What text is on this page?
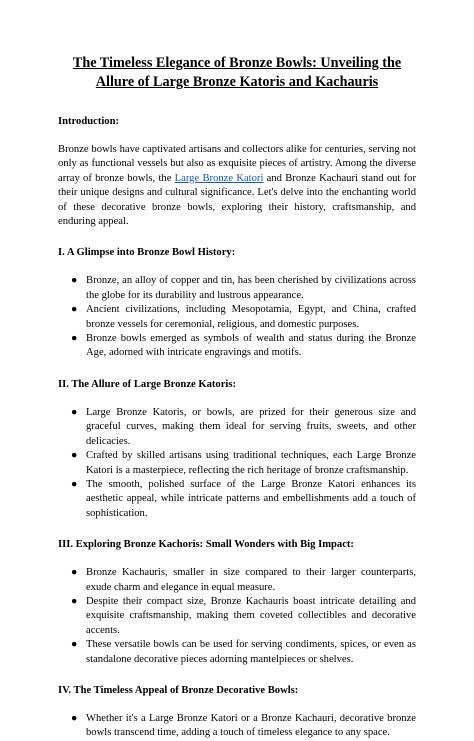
The Timeless Elegance of Bronze Bowls: Unveiling the Allure of Large Bronze Katoris and Kachauris
Introduction:

Bronze bowls have captivated artisans and collectors alike for centuries, serving not only as functional vessels but also as exquisite pieces of artistry. Among the diverse array of bronze bowls, the Large Bronze Katori and Bronze Kachauri stand out for their unique designs and cultural significance. Let's delve into the enchanting world of these decorative bronze bowls, exploring their history, craftsmanship, and enduring appeal.

I. A Glimpse into Bronze Bowl History:
● Bronze, an alloy of copper and tin, has been cherished by civilizations across the globe for its durability and lustrous appearance.
● Ancient civilizations, including Mesopotamia, Egypt, and China, crafted bronze vessels for ceremonial, religious, and domestic purposes.
● Bronze bowls emerged as symbols of wealth and status during the Bronze Age, adorned with intricate engravings and motifs.
II. The Allure of Large Bronze Katoris:
● Large Bronze Katoris, or bowls, are prized for their generous size and graceful curves, making them ideal for serving fruits, sweets, and other delicacies.
● Crafted by skilled artisans using traditional techniques, each Large Bronze Katori is a masterpiece, reflecting the rich heritage of bronze craftsmanship.
● The smooth, polished surface of the Large Bronze Katori enhances its aesthetic appeal, while intricate patterns and embellishments add a touch of sophistication.
III. Exploring Bronze Kachoris: Small Wonders with Big Impact:
● Bronze Kachauris, smaller in size compared to their larger counterparts, exude charm and elegance in equal measure.
● Despite their compact size, Bronze Kachauris boast intricate detailing and exquisite craftsmanship, making them coveted collectibles and decorative accents.
● These versatile bowls can be used for serving condiments, spices, or even as standalone decorative pieces adorning mantelpieces or shelves.
IV. The Timeless Appeal of Bronze Decorative Bowls:
● Whether it's a Large Bronze Katori or a Bronze Kachauri, decorative bronze bowls transcend time, adding a touch of timeless elegance to any space.
